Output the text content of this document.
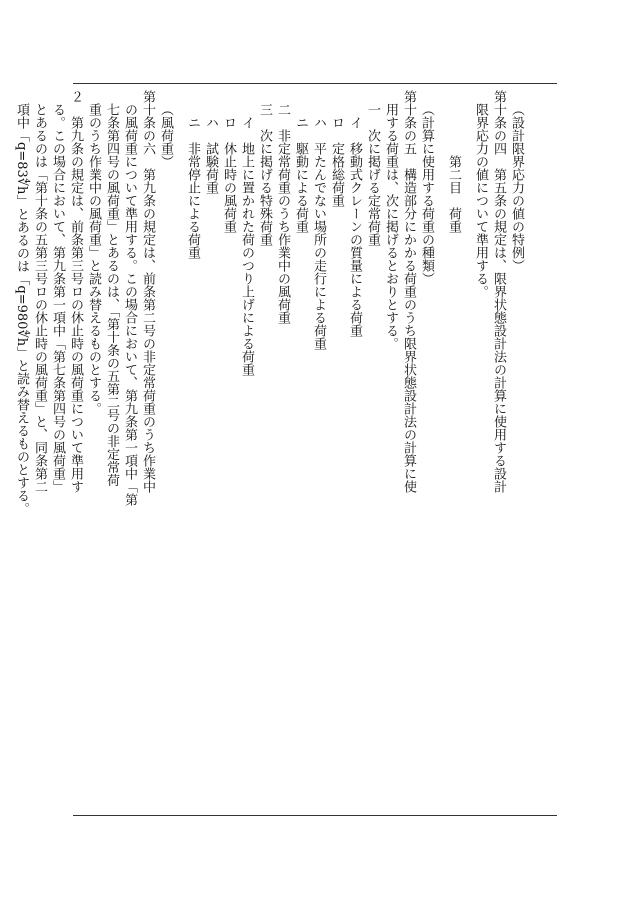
（設計限界応力の値の特例）
第十条の四　第五条の規定は、限界状態設計法の計算に使用する設計
限界応力の値について準用する。
第二目　荷重
（計算に使用する荷重の種類）
第十条の五　構造部分にかかる荷重のうち限界状態設計法の計算に使
用する荷重は、次に掲げるとおりとする。
一　次に掲げる定常荷重
イ　移動式クレーンの質量による荷重
ロ　定格総荷重
ハ　平たんでない場所の走行による荷重
ニ　駆動による荷重
二　非定常荷重のうち作業中の風荷重
三　次に掲げる特殊荷重
イ　地上に置かれた荷のつり上げによる荷重
ロ　休止時の風荷重
ハ　試験荷重
ニ　非常停止による荷重
（風荷重）
第十条の六　第九条の規定は、前条第二号の非定常荷重のうち作業中
の風荷重について準用する。この場合において、第九条第一項中「第
七条第四号の風荷重」とあるのは、「第十条の五第二号の非定常荷
重のうち作業中の風荷重」と読み替えるものとする。
２　第九条の規定は、前条第三号ロの休止時の風荷重について準用す
る。この場合において、第九条第一項中「第七条第四号の風荷重」
とあるのは「第十条の五第三号ロの休止時の風荷重」と、同条第二
項中「q=83∜h」とあるのは「q=980∜h」と読み替えるものとする。
